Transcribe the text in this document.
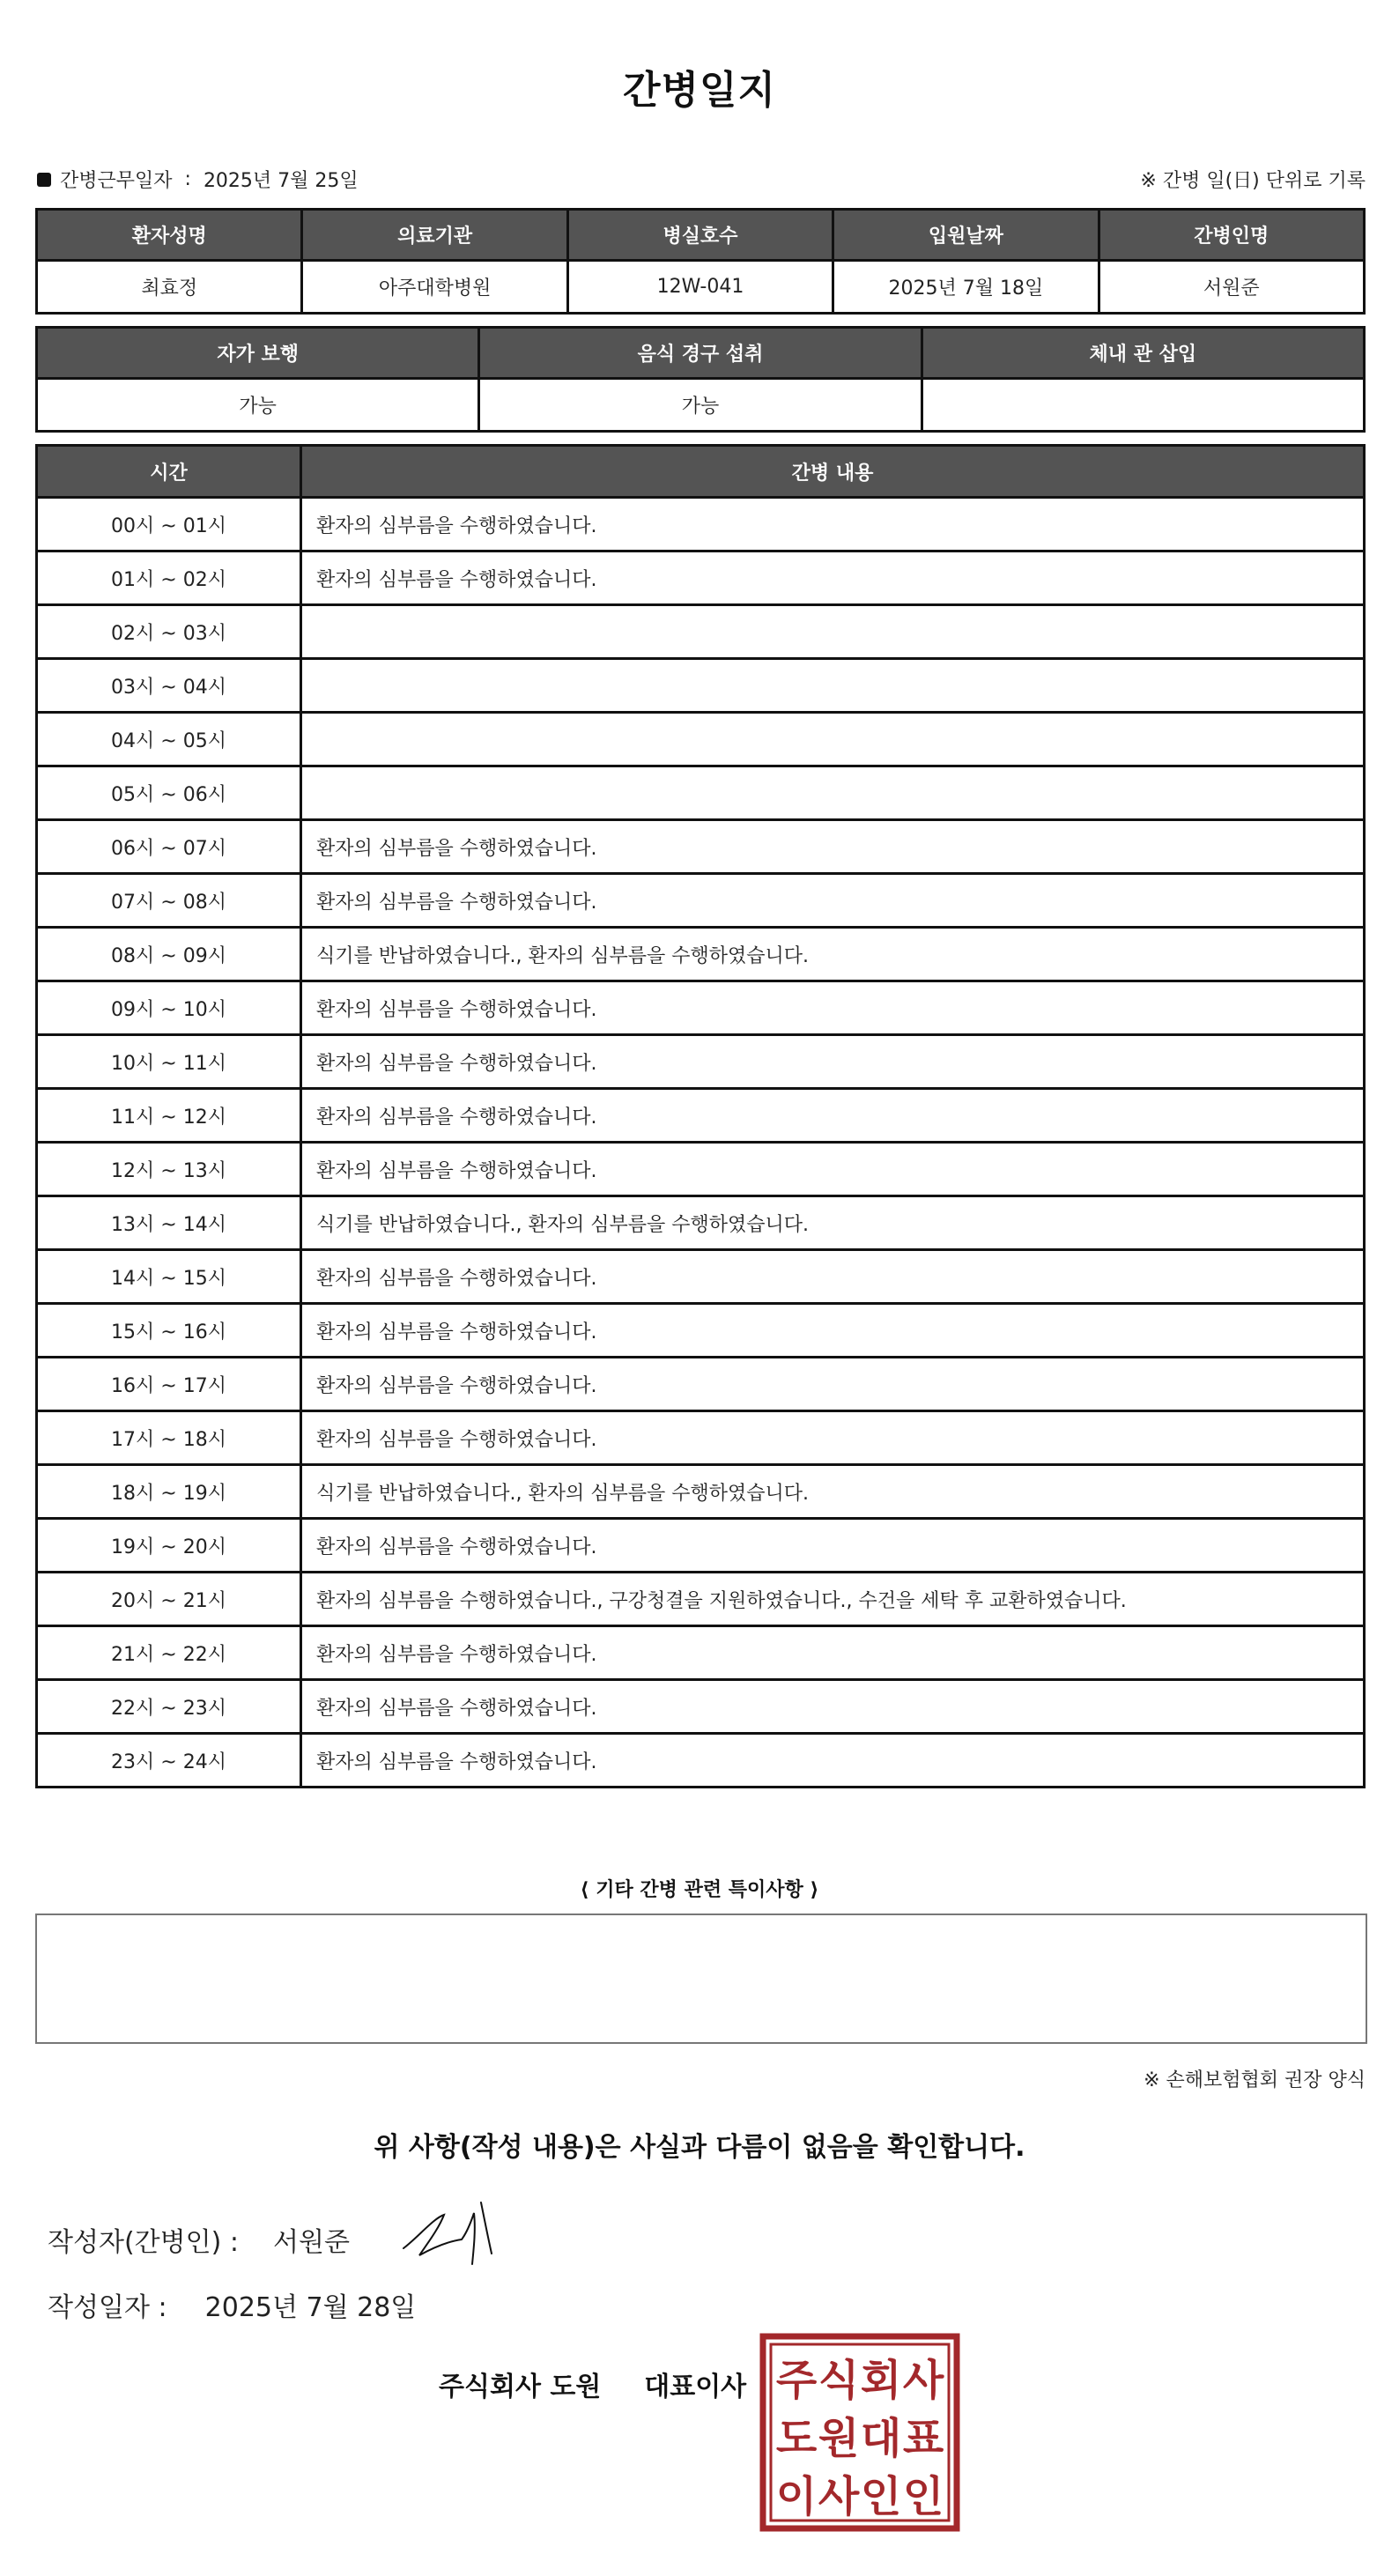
간병일지
간병근무일자 : 2025년 7월 25일	※ 간병 일(日) 단위로 기록
환자성명	의료기관	병실호수	입원날짜	간병인명
최효정	아주대학병원	12W-041	2025년 7월 18일	서원준
자가 보행	음식 경구 섭취	체내 관 삽입
가능	가능	
시간	간병 내용
00시 ~ 01시	환자의 심부름을 수행하였습니다.
01시 ~ 02시	환자의 심부름을 수행하였습니다.
02시 ~ 03시	
03시 ~ 04시	
04시 ~ 05시	
05시 ~ 06시	
06시 ~ 07시	환자의 심부름을 수행하였습니다.
07시 ~ 08시	환자의 심부름을 수행하였습니다.
08시 ~ 09시	식기를 반납하였습니다., 환자의 심부름을 수행하였습니다.
09시 ~ 10시	환자의 심부름을 수행하였습니다.
10시 ~ 11시	환자의 심부름을 수행하였습니다.
11시 ~ 12시	환자의 심부름을 수행하였습니다.
12시 ~ 13시	환자의 심부름을 수행하였습니다.
13시 ~ 14시	식기를 반납하였습니다., 환자의 심부름을 수행하였습니다.
14시 ~ 15시	환자의 심부름을 수행하였습니다.
15시 ~ 16시	환자의 심부름을 수행하였습니다.
16시 ~ 17시	환자의 심부름을 수행하였습니다.
17시 ~ 18시	환자의 심부름을 수행하였습니다.
18시 ~ 19시	식기를 반납하였습니다., 환자의 심부름을 수행하였습니다.
19시 ~ 20시	환자의 심부름을 수행하였습니다.
20시 ~ 21시	환자의 심부름을 수행하였습니다., 구강청결을 지원하였습니다., 수건을 세탁 후 교환하였습니다.
21시 ~ 22시	환자의 심부름을 수행하였습니다.
22시 ~ 23시	환자의 심부름을 수행하였습니다.
23시 ~ 24시	환자의 심부름을 수행하였습니다.
⟨ 기타 간병 관련 특이사항 ⟩
※ 손해보험협회 권장 양식
위 사항(작성 내용)은 사실과 다름이 없음을 확인합니다.
작성자(간병인) : 서원준
작성일자 : 2025년 7월 28일
주식회사 도원 대표이사 주 식 회 사
도 원 대 표
이 사 인 인
